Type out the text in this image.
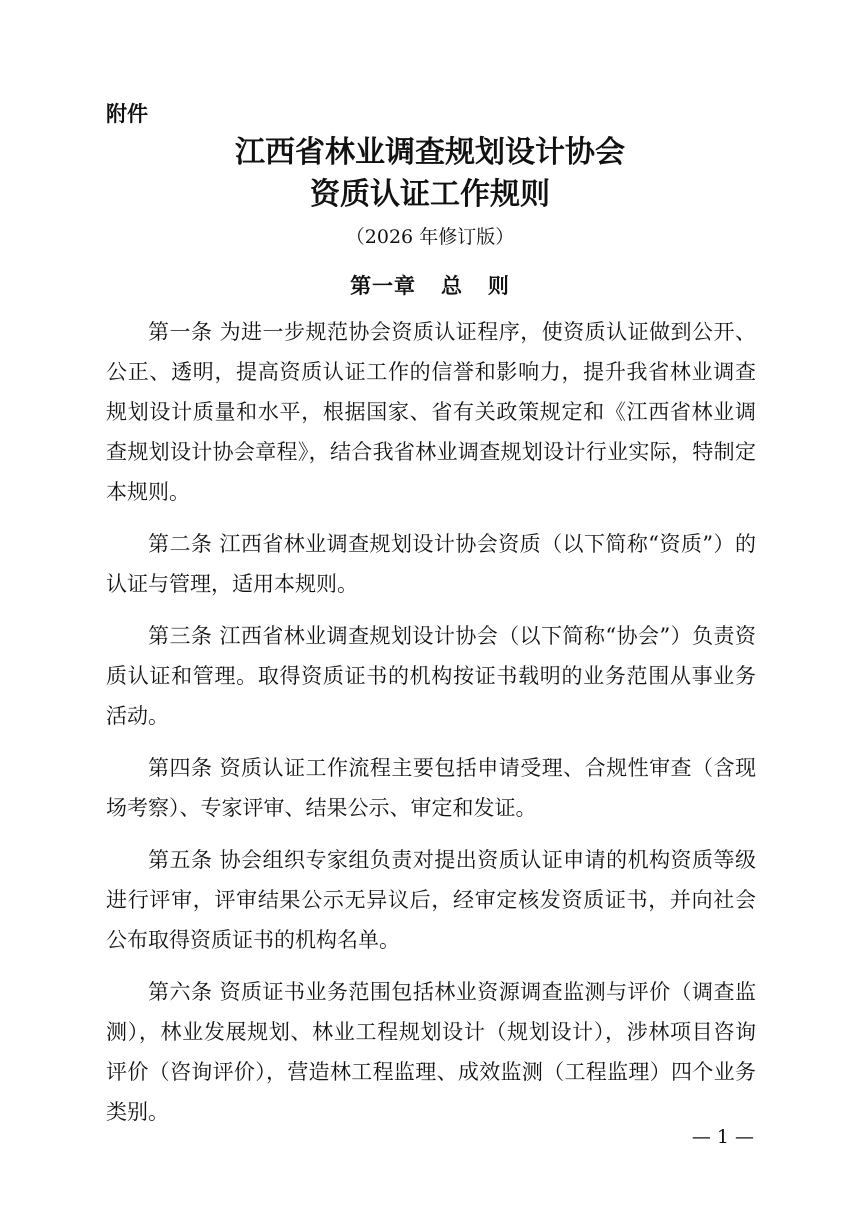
附件
江西省林业调查规划设计协会
资质认证工作规则
（2026 年修订版）
第一章   总   则

第一条 为进一步规范协会资质认证程序，使资质认证做到公开、公正、透明，提高资质认证工作的信誉和影响力，提升我省林业调查规划设计质量和水平，根据国家、省有关政策规定和《江西省林业调查规划设计协会章程》，结合我省林业调查规划设计行业实际，特制定本规则。

第二条 江西省林业调查规划设计协会资质（以下简称“资质”）的认证与管理，适用本规则。

第三条 江西省林业调查规划设计协会（以下简称“协会”）负责资质认证和管理。取得资质证书的机构按证书载明的业务范围从事业务活动。

第四条 资质认证工作流程主要包括申请受理、合规性审查（含现场考察）、专家评审、结果公示、审定和发证。

第五条 协会组织专家组负责对提出资质认证申请的机构资质等级进行评审，评审结果公示无异议后，经审定核发资质证书，并向社会公布取得资质证书的机构名单。

第六条 资质证书业务范围包括林业资源调查监测与评价（调查监测），林业发展规划、林业工程规划设计（规划设计），涉林项目咨询评价（咨询评价），营造林工程监理、成效监测（工程监理）四个业务类别。

— 1 —
